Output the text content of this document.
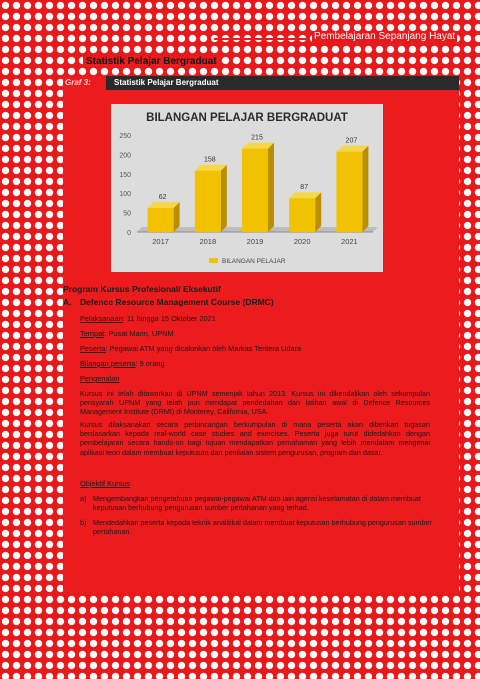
Pembelajaran Sepanjang Hayat
Statistik Pelajar Bergraduat
Graf 3:	Statistik Pelajar Bergraduat
BILANGAN PELAJAR BERGRADUAT
0
50
100
150
200
250
62
2017
158
2018
215
2019
87
2020
207
2021
BILANGAN PELAJAR
Program Kursus Profesional/ Eksekutif
A. Defence Resource Management Course (DRMC)
Pelaksanaan: 11 hingga 15 Oktober 2021
Tempat: Pusat Marin, UPNM
Peserta: Pegawai ATM yang dicalonkan oleh Markas Tentera Udara
Bilangan peserta: 9 orang
Pengenalan
Kursus ini telah ditawarkan di UPNM semenjak tahun 2013. Kursus ini dikendalikan oleh sekumpulan pensyarah UPNM yang telah pun mendapat pendedahan dan latihan awal di Defence Resources Management Institute (DRMI) di Monterey, California, USA.
Kursus dilaksanakan secara perbincangan berkumpulan di mana peserta akan diberikan tugasan berdasarkan kepada real-world case studies and exercises. Peserta juga turut didedahkan dengan pembelajaran secara hands-on bagi tujuan mendapatkan pemahaman yang lebih mendalam mengenai aplikasi teori dalam membuat keputusan dan penilaian sistem pengurusan, program dan dasar.
Objektif Kursus
a) Mengembangkan pengetahuan pegawai-pegawai ATM dan lain agensi keselamatan di dalam membuat keputusan berhubung pengurusan sumber pertahanan yang terhad.
b) Mendedahkan peserta kepada teknik analitikal dalam membuat keputusan berhubung pengurusan sumber pertahanan.
